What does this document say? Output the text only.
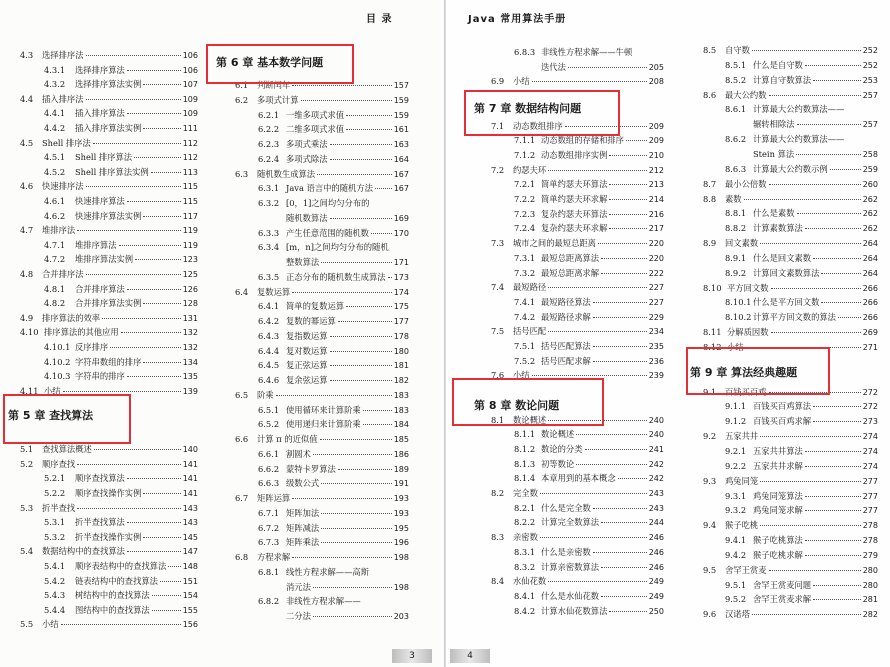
目 录
4.3	选择排序法	106
4.3.1	选择排序算法	106
4.3.2	选择排序算法实例	107
4.4	插入排序法	109
4.4.1	插入排序算法	109
4.4.2	插入排序算法实例	111
4.5	Shell 排序法	112
4.5.1	Shell 排序算法	112
4.5.2	Shell 排序算法实例	113
4.6	快速排序法	115
4.6.1	快速排序算法	115
4.6.2	快速排序算法实例	117
4.7	堆排序法	119
4.7.1	堆排序算法	119
4.7.2	堆排序算法实例	123
4.8	合并排序法	125
4.8.1	合并排序算法	126
4.8.2	合并排序算法实例	128
4.9	排序算法的效率	131
4.10 排序算法的其他应用	132
4.10.1 反序排序	132
4.10.2 字符串数组的排序	134
4.10.3 字符串的排序	135
4.11 小结	139
5.1	查找算法概述	140
5.2	顺序查找	141
5.2.1	顺序查找算法	141
5.2.2	顺序查找操作实例	141
5.3	折半查找	143
5.3.1	折半查找算法	143
5.3.2	折半查找操作实例	145
5.4	数据结构中的查找算法	147
5.4.1	顺序表结构中的查找算法 148
5.4.2	链表结构中的查找算法	151
5.4.3	树结构中的查找算法	154
5.4.4	图结构中的查找算法	155
5.5	小结	156
6.1	判断闰年	157
6.2	多项式计算	159
6.2.1 一维多项式求值	159
6.2.2 二维多项式求值	161
6.2.3 多项式乘法	163
6.2.4 多项式除法	164
6.3	随机数生成算法	167
6.3.1 Java 语言中的随机方法	167
6.3.2 [0，1]之间均匀分布的
随机数算法	169
6.3.3 产生任意范围的随机数	170
6.3.4 [m，n]之间均匀分布的随机
整数算法	171
6.3.5 正态分布的随机数生成算法 173
6.4	复数运算	174
6.4.1 简单的复数运算	175
6.4.2 复数的幂运算	177
6.4.3 复指数运算	178
6.4.4 复对数运算	180
6.4.5 复正弦运算	181
6.4.6 复余弦运算	182
6.5	阶乘	183
6.5.1 使用循环来计算阶乘	183
6.5.2 使用递归来计算阶乘	184
6.6	计算 π 的近似值	185
6.6.1 割圆术	186
6.6.2 蒙特卡罗算法	189
6.6.3 级数公式	191
6.7	矩阵运算	193
6.7.1 矩阵加法	193
6.7.2 矩阵减法	195
6.7.3 矩阵乘法	196
6.8	方程求解	198
6.8.1 线性方程求解——高斯
消元法	198
6.8.2 非线性方程求解——
二分法	203
第 5 章 查找算法
第 6 章 基本数学问题
3
Java 常用算法手册
6.8.3 非线性方程求解——牛顿
迭代法	205
6.9	小结	208
7.1	动态数组排序	209
7.1.1 动态数组的存储和排序	209
7.1.2 动态数组排序实例	210
7.2	约瑟夫环	212
7.2.1 简单约瑟夫环算法	213
7.2.2 简单约瑟夫环求解	214
7.2.3 复杂约瑟夫环算法	216
7.2.4 复杂约瑟夫环求解	217
7.3	城市之间的最短总距离	220
7.3.1 最短总距离算法	220
7.3.2 最短总距离求解	222
7.4	最短路径	227
7.4.1 最短路径算法	227
7.4.2 最短路径求解	229
7.5	括号匹配	234
7.5.1 括号匹配算法	235
7.5.2 括号匹配求解	236
7.6	小结	239
8.1	数论概述	240
8.1.1 数论概述	240
8.1.2 数论的分类	241
8.1.3 初等数论	242
8.1.4 本章用到的基本概念	242
8.2	完全数	243
8.2.1 什么是完全数	243
8.2.2 计算完全数算法	244
8.3	亲密数	246
8.3.1 什么是亲密数	246
8.3.2 计算亲密数算法	246
8.4	水仙花数	249
8.4.1 什么是水仙花数	249
8.4.2 计算水仙花数算法	250
8.5	自守数	252
8.5.1 什么是自守数	252
8.5.2 计算自守数算法	253
8.6	最大公约数	257
8.6.1 计算最大公约数算法——
辗转相除法	257
8.6.2 计算最大公约数算法——
Stein 算法	258
8.6.3 计算最大公约数示例	259
8.7	最小公倍数	260
8.8	素数	262
8.8.1 什么是素数	262
8.8.2 计算素数算法	262
8.9	回文素数	264
8.9.1 什么是回文素数	264
8.9.2 计算回文素数算法	264
8.10 平方回文数	266
8.10.1 什么是平方回文数	266
8.10.2 计算平方回文数的算法	266
8.11 分解质因数	269
8.12 小结	271
9.1	百钱买百鸡	272
9.1.1 百钱买百鸡算法	272
9.1.2 百钱买百鸡求解	273
9.2	五家共井	274
9.2.1 五家共井算法	274
9.2.2 五家共井求解	274
9.3	鸡兔同笼	277
9.3.1 鸡兔同笼算法	277
9.3.2 鸡兔同笼求解	277
9.4	猴子吃桃	278
9.4.1 猴子吃桃算法	278
9.4.2 猴子吃桃求解	279
9.5	舍罕王赏麦	280
9.5.1 舍罕王赏麦问题	280
9.5.2 舍罕王赏麦求解	281
9.6	汉诺塔	282
第 7 章 数据结构问题
第 8 章 数论问题
第 9 章 算法经典趣题
4
